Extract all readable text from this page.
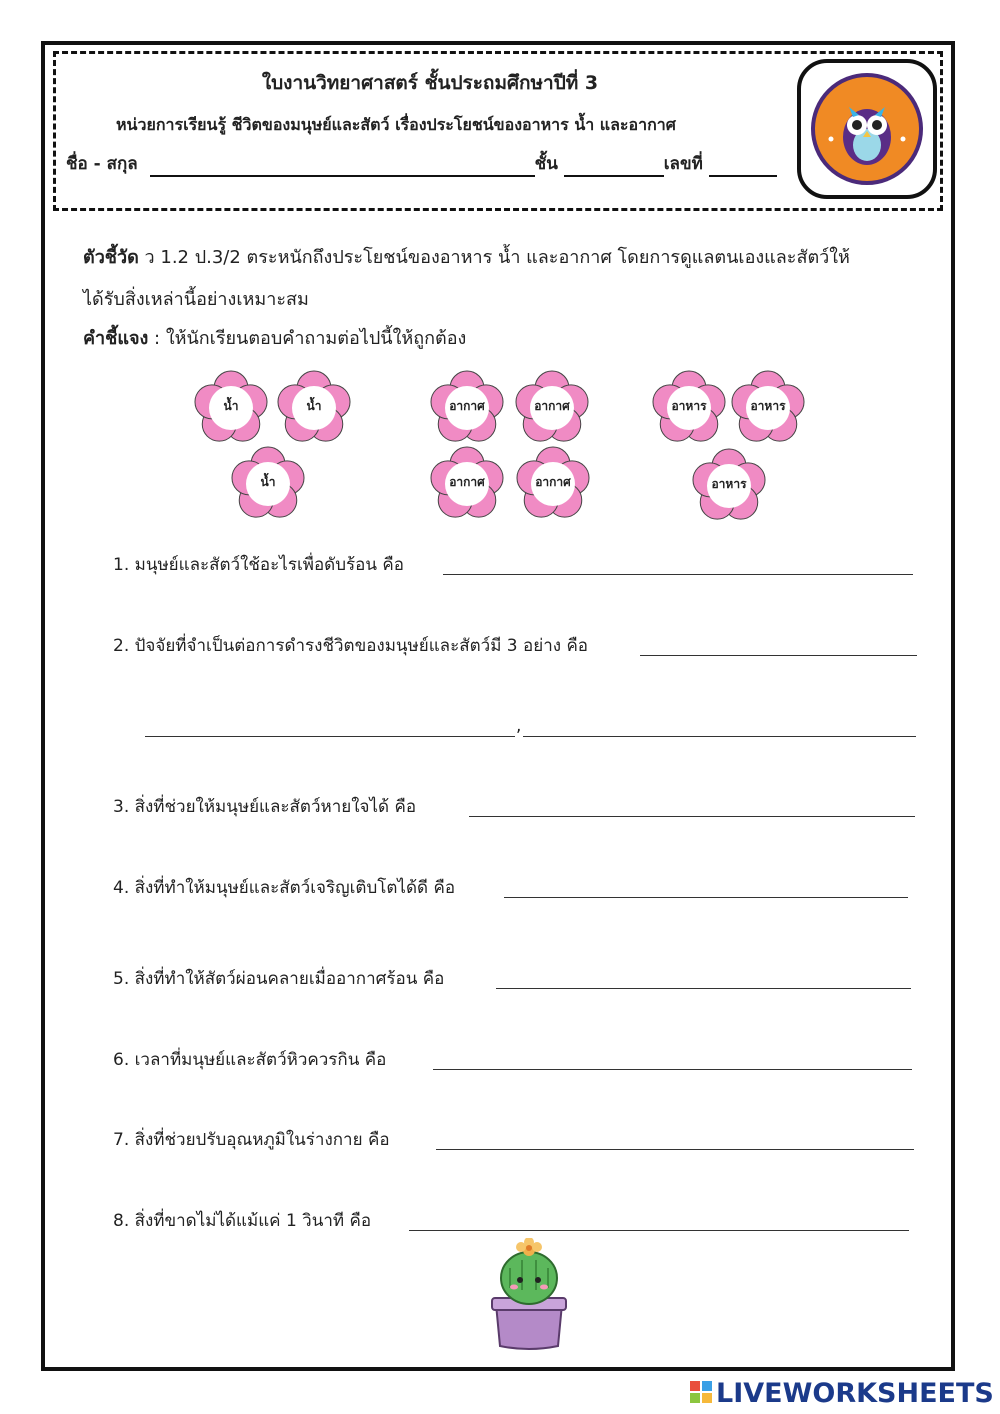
ใบงานวิทยาศาสตร์ ชั้นประถมศึกษาปีที่ 3
หน่วยการเรียนรู้ ชีวิตของมนุษย์และสัตว์ เรื่องประโยชน์ของอาหาร น้ำ และอากาศ
ชื่อ - สกุล	ชั้น	เลขที่
ตัวชี้วัด ว 1.2 ป.3/2 ตระหนักถึงประโยชน์ของอาหาร น้ำ และอากาศ โดยการดูแลตนเองและสัตว์ให้
ได้รับสิ่งเหล่านี้อย่างเหมาะสม
คำชี้แจง : ให้นักเรียนตอบคำถามต่อไปนี้ให้ถูกต้อง
น้ำ	น้ำ
น้ำ
อากาศ	อากาศ
อากาศ	อากาศ
อาหาร	อาหาร
อาหาร
1. มนุษย์และสัตว์ใช้อะไรเพื่อดับร้อน คือ
2. ปัจจัยที่จำเป็นต่อการดำรงชีวิตของมนุษย์และสัตว์มี 3 อย่าง คือ
,
3. สิ่งที่ช่วยให้มนุษย์และสัตว์หายใจได้ คือ
4. สิ่งที่ทำให้มนุษย์และสัตว์เจริญเติบโตได้ดี คือ
5. สิ่งที่ทำให้สัตว์ผ่อนคลายเมื่ออากาศร้อน คือ
6. เวลาที่มนุษย์และสัตว์หิวควรกิน คือ
7. สิ่งที่ช่วยปรับอุณหภูมิในร่างกาย คือ
8. สิ่งที่ขาดไม่ได้แม้แค่ 1 วินาที คือ
LIVEWORKSHEETS
